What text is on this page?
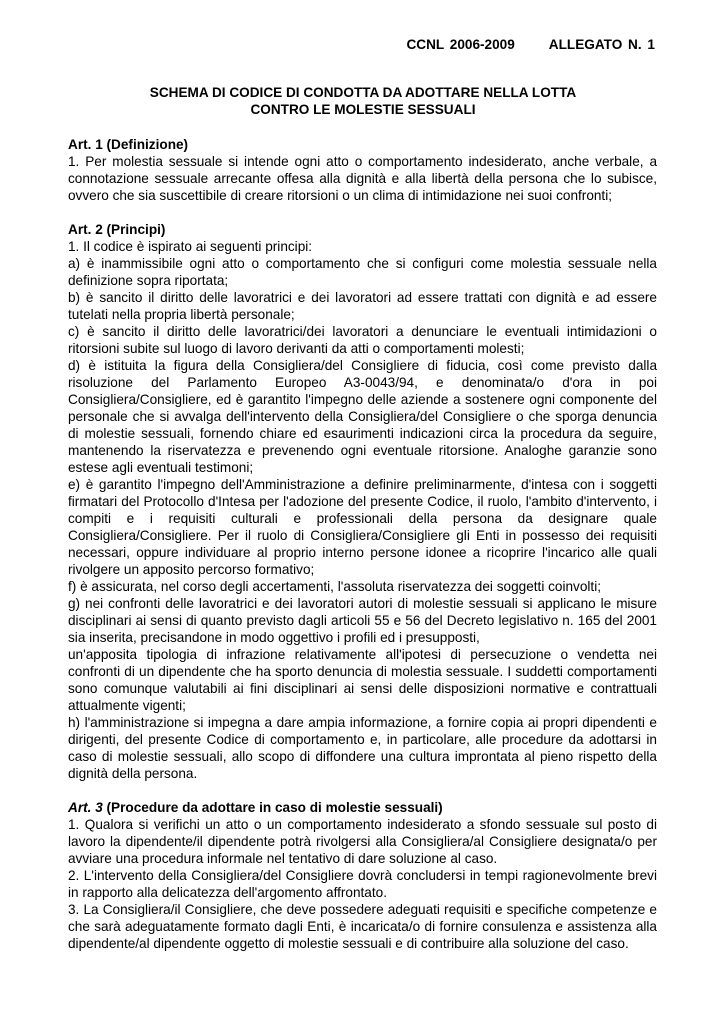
CCNL 2006-2009	ALLEGATO N. 1
SCHEMA DI CODICE DI CONDOTTA DA ADOTTARE NELLA LOTTA
CONTRO LE MOLESTIE SESSUALI
Art. 1 (Definizione)

1. Per molestia sessuale si intende ogni atto o comportamento indesiderato, anche verbale, a connotazione sessuale arrecante offesa alla dignità e alla libertà della persona che lo subisce, ovvero che sia suscettibile di creare ritorsioni o un clima di intimidazione nei suoi confronti;

Art. 2 (Principi)

1. Il codice è ispirato ai seguenti principi:

a) è inammissibile ogni atto o comportamento che si configuri come molestia sessuale nella definizione sopra riportata;

b) è sancito il diritto delle lavoratrici e dei lavoratori ad essere trattati con dignità e ad essere tutelati nella propria libertà personale;

c) è sancito il diritto delle lavoratrici/dei lavoratori a denunciare le eventuali intimidazioni o ritorsioni subite sul luogo di lavoro derivanti da atti o comportamenti molesti;

d) è istituita la figura della Consigliera/del Consigliere di fiducia, così come previsto dalla risoluzione del Parlamento Europeo A3-0043/94, e denominata/o d'ora in poi Consigliera/Consigliere, ed è garantito l'impegno delle aziende a sostenere ogni componente del personale che si avvalga dell'intervento della Consigliera/del Consigliere o che sporga denuncia di molestie sessuali, fornendo chiare ed esaurimenti indicazioni circa la procedura da seguire, mantenendo la riservatezza e prevenendo ogni eventuale ritorsione. Analoghe garanzie sono estese agli eventuali testimoni;

e) è garantito l'impegno dell'Amministrazione a definire preliminarmente, d'intesa con i soggetti firmatari del Protocollo d'Intesa per l'adozione del presente Codice, il ruolo, l'ambito d'intervento, i compiti e i requisiti culturali e professionali della persona da designare quale Consigliera/Consigliere. Per il ruolo di Consigliera/Consigliere gli Enti in possesso dei requisiti necessari, oppure individuare al proprio interno persone idonee a ricoprire l'incarico alle quali rivolgere un apposito percorso formativo;

f) è assicurata, nel corso degli accertamenti, l'assoluta riservatezza dei soggetti coinvolti;

g) nei confronti delle lavoratrici e dei lavoratori autori di molestie sessuali si applicano le misure disciplinari ai sensi di quanto previsto dagli articoli 55 e 56 del Decreto legislativo n. 165 del 2001 sia inserita, precisandone in modo oggettivo i profili ed i presupposti,

un'apposita tipologia di infrazione relativamente all'ipotesi di persecuzione o vendetta nei confronti di un dipendente che ha sporto denuncia di molestia sessuale. I suddetti comportamenti sono comunque valutabili ai fini disciplinari ai sensi delle disposizioni normative e contrattuali attualmente vigenti;

h) l'amministrazione si impegna a dare ampia informazione, a fornire copia ai propri dipendenti e dirigenti, del presente Codice di comportamento e, in particolare, alle procedure da adottarsi in caso di molestie sessuali, allo scopo di diffondere una cultura improntata al pieno rispetto della dignità della persona.

Art. 3 (Procedure da adottare in caso di molestie sessuali)

1. Qualora si verifichi un atto o un comportamento indesiderato a sfondo sessuale sul posto di lavoro la dipendente/il dipendente potrà rivolgersi alla Consigliera/al Consigliere designata/o per avviare una procedura informale nel tentativo di dare soluzione al caso.

2. L'intervento della Consigliera/del Consigliere dovrà concludersi in tempi ragionevolmente brevi in rapporto alla delicatezza dell'argomento affrontato.

3. La Consigliera/il Consigliere, che deve possedere adeguati requisiti e specifiche competenze e che sarà adeguatamente formato dagli Enti, è incaricata/o di fornire consulenza e assistenza alla dipendente/al dipendente oggetto di molestie sessuali e di contribuire alla soluzione del caso.
